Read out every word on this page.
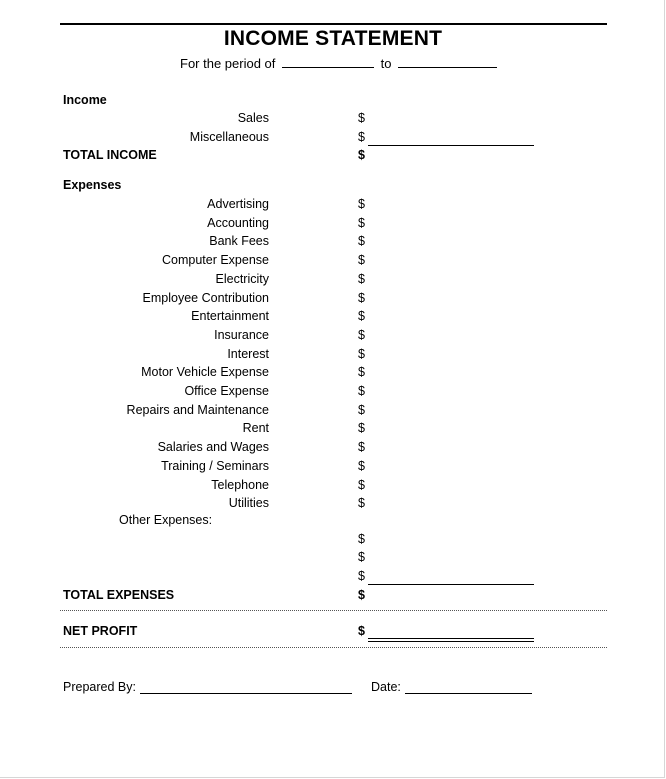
INCOME STATEMENT
For the period of	to
Income
Sales	$
Miscellaneous	$
TOTAL INCOME	$
Expenses
Advertising	$
Accounting	$
Bank Fees	$
Computer Expense	$
Electricity	$
Employee Contribution	$
Entertainment	$
Insurance	$
Interest	$
Motor Vehicle Expense	$
Office Expense	$
Repairs and Maintenance	$
Rent	$
Salaries and Wages	$
Training / Seminars	$
Telephone	$
Utilities	$
Other Expenses:
$
$
$
TOTAL EXPENSES	$
NET PROFIT	$
Prepared By:	Date:
